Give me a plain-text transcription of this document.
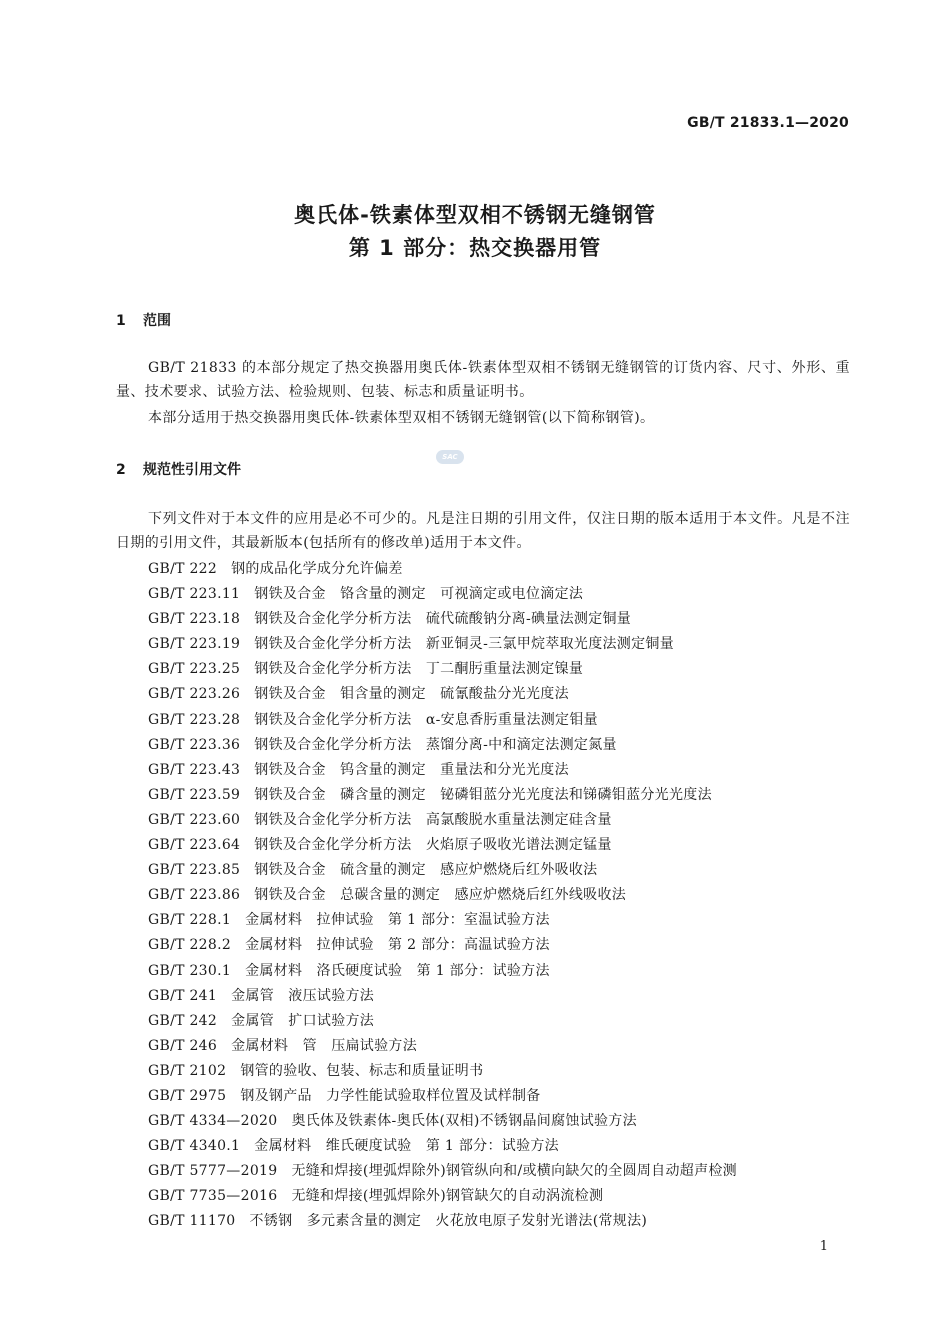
GB/T 21833.1—2020
奥氏体-铁素体型双相不锈钢无缝钢管
第 1 部分：热交换器用管
1 范围
GB/T 21833 的本部分规定了热交换器用奥氏体-铁素体型双相不锈钢无缝钢管的订货内容、尺寸、外形、重量、技术要求、试验方法、检验规则、包装、标志和质量证明书。
本部分适用于热交换器用奥氏体-铁素体型双相不锈钢无缝钢管(以下简称钢管)。
SAC
2 规范性引用文件
下列文件对于本文件的应用是必不可少的。凡是注日期的引用文件，仅注日期的版本适用于本文件。凡是不注日期的引用文件，其最新版本(包括所有的修改单)适用于本文件。
GB/T 222 钢的成品化学成分允许偏差
GB/T 223.11 钢铁及合金　铬含量的测定　可视滴定或电位滴定法
GB/T 223.18 钢铁及合金化学分析方法　硫代硫酸钠分离-碘量法测定铜量
GB/T 223.19 钢铁及合金化学分析方法　新亚铜灵-三氯甲烷萃取光度法测定铜量
GB/T 223.25 钢铁及合金化学分析方法　丁二酮肟重量法测定镍量
GB/T 223.26 钢铁及合金　钼含量的测定　硫氰酸盐分光光度法
GB/T 223.28 钢铁及合金化学分析方法　α-安息香肟重量法测定钼量
GB/T 223.36 钢铁及合金化学分析方法　蒸馏分离-中和滴定法测定氮量
GB/T 223.43 钢铁及合金　钨含量的测定　重量法和分光光度法
GB/T 223.59 钢铁及合金　磷含量的测定　铋磷钼蓝分光光度法和锑磷钼蓝分光光度法
GB/T 223.60 钢铁及合金化学分析方法　高氯酸脱水重量法测定硅含量
GB/T 223.64 钢铁及合金化学分析方法　火焰原子吸收光谱法测定锰量
GB/T 223.85 钢铁及合金　硫含量的测定　感应炉燃烧后红外吸收法
GB/T 223.86 钢铁及合金　总碳含量的测定　感应炉燃烧后红外线吸收法
GB/T 228.1 金属材料　拉伸试验　第 1 部分：室温试验方法
GB/T 228.2 金属材料　拉伸试验　第 2 部分：高温试验方法
GB/T 230.1 金属材料　洛氏硬度试验　第 1 部分：试验方法
GB/T 241 金属管　液压试验方法
GB/T 242 金属管　扩口试验方法
GB/T 246 金属材料　管　压扁试验方法
GB/T 2102 钢管的验收、包装、标志和质量证明书
GB/T 2975 钢及钢产品　力学性能试验取样位置及试样制备
GB/T 4334—2020 奥氏体及铁素体-奥氏体(双相)不锈钢晶间腐蚀试验方法
GB/T 4340.1 金属材料　维氏硬度试验　第 1 部分：试验方法
GB/T 5777—2019 无缝和焊接(埋弧焊除外)钢管纵向和/或横向缺欠的全圆周自动超声检测
GB/T 7735—2016 无缝和焊接(埋弧焊除外)钢管缺欠的自动涡流检测
GB/T 11170 不锈钢　多元素含量的测定　火花放电原子发射光谱法(常规法)
1
